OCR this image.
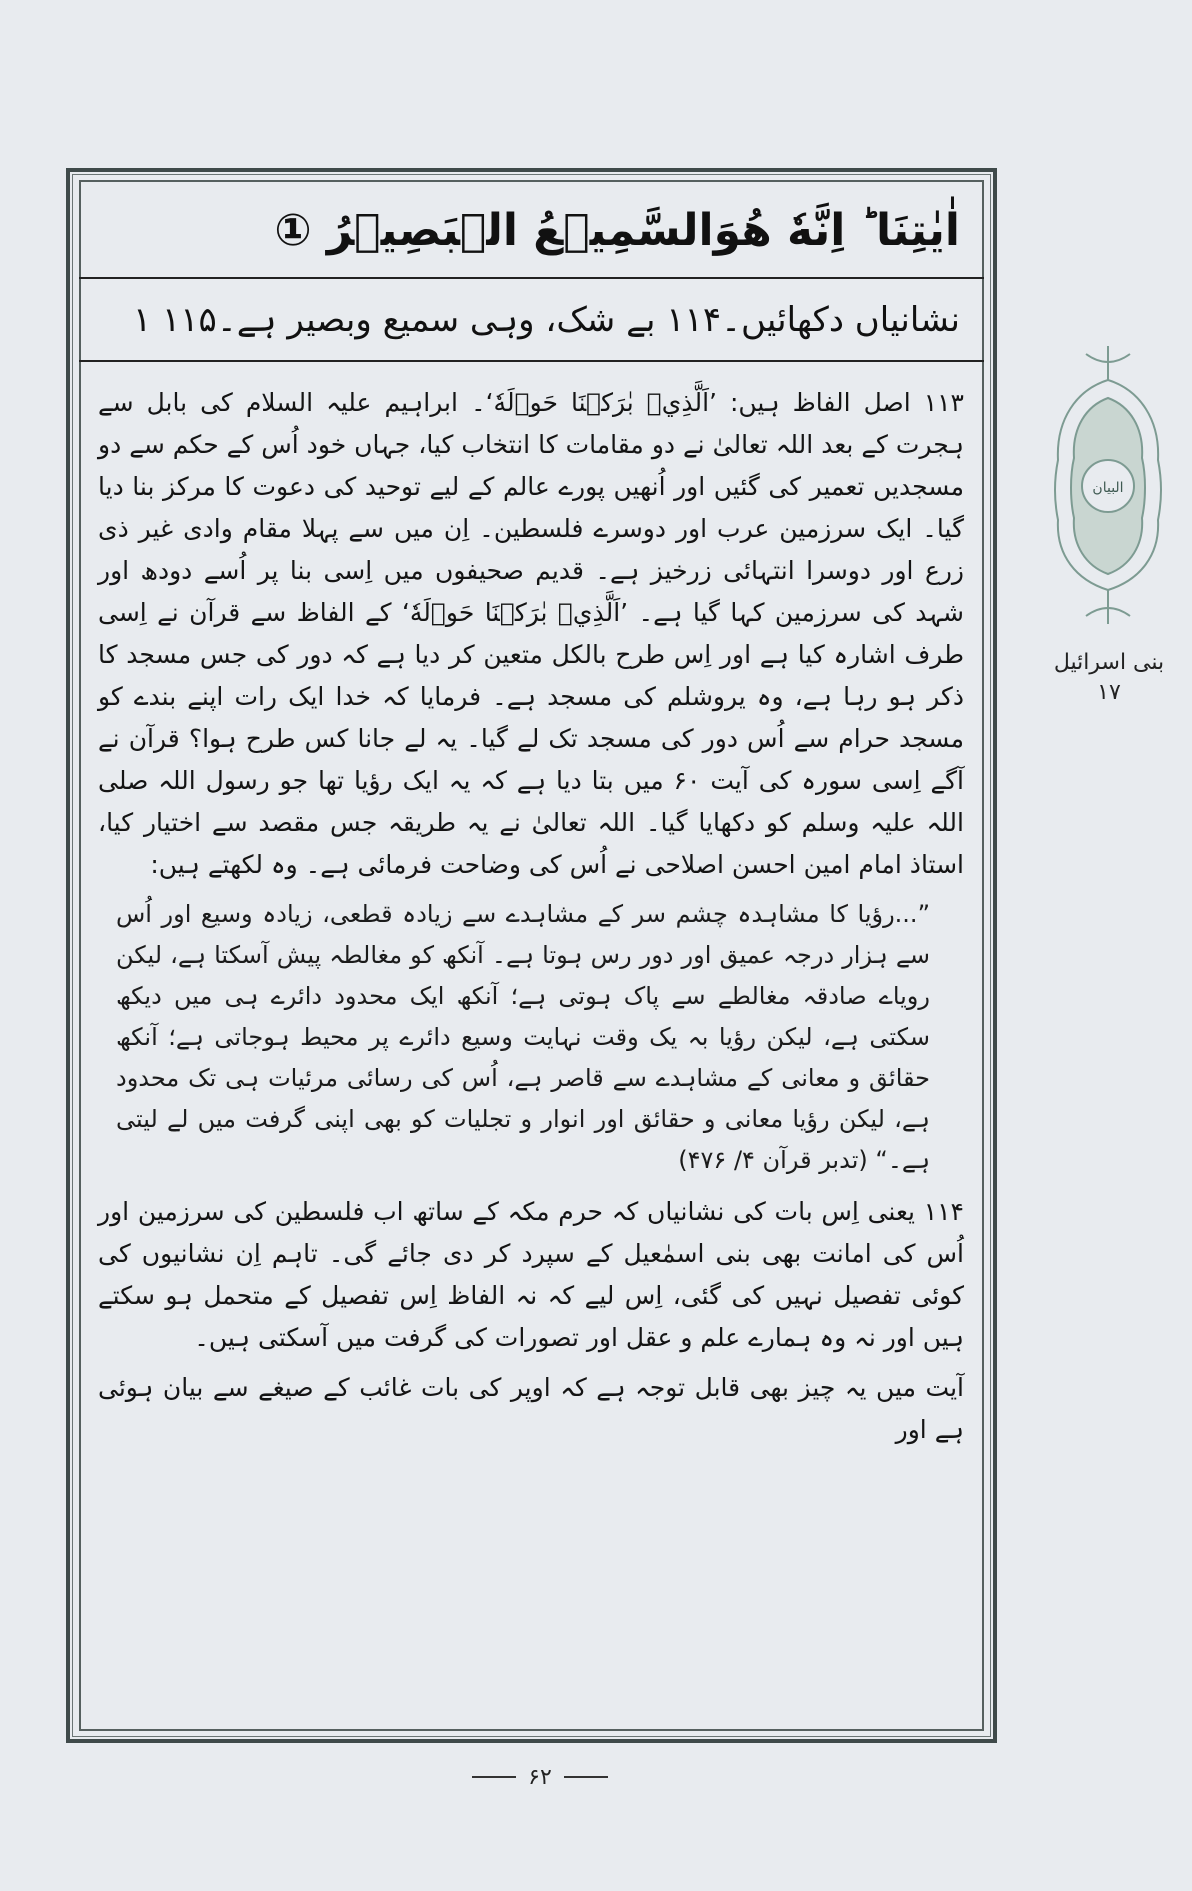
اٰيٰتِنَا ؕ اِنَّهٗ هُوَالسَّمِيۡعُ الۡبَصِيۡرُ ①
نشانیاں دکھائیں۔۱۱۴ بے شک، وہی سمیع وبصیر ہے۔۱۱۵ ۱

۱۱۳ اصل الفاظ ہیں: ’اَلَّذِيۡ بٰرَكۡنَا حَوۡلَهٗ‘۔ ابراہیم علیہ السلام کی بابل سے ہجرت کے بعد اللہ تعالیٰ نے دو مقامات کا انتخاب کیا، جہاں خود اُس کے حکم سے دو مسجدیں تعمیر کی گئیں اور اُنھیں پورے عالم کے لیے توحید کی دعوت کا مرکز بنا دیا گیا۔ ایک سرزمین عرب اور دوسرے فلسطین۔ اِن میں سے پہلا مقام وادی غیر ذی زرع اور دوسرا انتہائی زرخیز ہے۔ قدیم صحیفوں میں اِسی بنا پر اُسے دودھ اور شہد کی سرزمین کہا گیا ہے۔ ’اَلَّذِيۡ بٰرَكۡنَا حَوۡلَهٗ‘ کے الفاظ سے قرآن نے اِسی طرف اشارہ کیا ہے اور اِس طرح بالکل متعین کر دیا ہے کہ دور کی جس مسجد کا ذکر ہو رہا ہے، وہ یروشلم کی مسجد ہے۔ فرمایا کہ خدا ایک رات اپنے بندے کو مسجد حرام سے اُس دور کی مسجد تک لے گیا۔ یہ لے جانا کس طرح ہوا؟ قرآن نے آگے اِسی سورہ کی آیت ۶۰ میں بتا دیا ہے کہ یہ ایک رؤیا تھا جو رسول اللہ صلی اللہ علیہ وسلم کو دکھایا گیا۔ اللہ تعالیٰ نے یہ طریقہ جس مقصد سے اختیار کیا، استاذ امام امین احسن اصلاحی نے اُس کی وضاحت فرمائی ہے۔ وہ لکھتے ہیں:

”...رؤیا کا مشاہدہ چشم سر کے مشاہدے سے زیادہ قطعی، زیادہ وسیع اور اُس سے ہزار درجہ عمیق اور دور رس ہوتا ہے۔ آنکھ کو مغالطہ پیش آسکتا ہے، لیکن رویاے صادقہ مغالطے سے پاک ہوتی ہے؛ آنکھ ایک محدود دائرے ہی میں دیکھ سکتی ہے، لیکن رؤیا بہ یک وقت نہایت وسیع دائرے پر محیط ہوجاتی ہے؛ آنکھ حقائق و معانی کے مشاہدے سے قاصر ہے، اُس کی رسائی مرئیات ہی تک محدود ہے، لیکن رؤیا معانی و حقائق اور انوار و تجلیات کو بھی اپنی گرفت میں لے لیتی ہے۔“ (تدبر قرآن ۴/ ۴۷۶)

۱۱۴ یعنی اِس بات کی نشانیاں کہ حرم مکہ کے ساتھ اب فلسطین کی سرزمین اور اُس کی امانت بھی بنی اسمٰعیل کے سپرد کر دی جائے گی۔ تاہم اِن نشانیوں کی کوئی تفصیل نہیں کی گئی، اِس لیے کہ نہ الفاظ اِس تفصیل کے متحمل ہو سکتے ہیں اور نہ وہ ہمارے علم و عقل اور تصورات کی گرفت میں آسکتی ہیں۔

آیت میں یہ چیز بھی قابل توجہ ہے کہ اوپر کی بات غائب کے صیغے سے بیان ہوئی ہے اور

البیان
بنی اسرائیل
۱۷
۶۲
